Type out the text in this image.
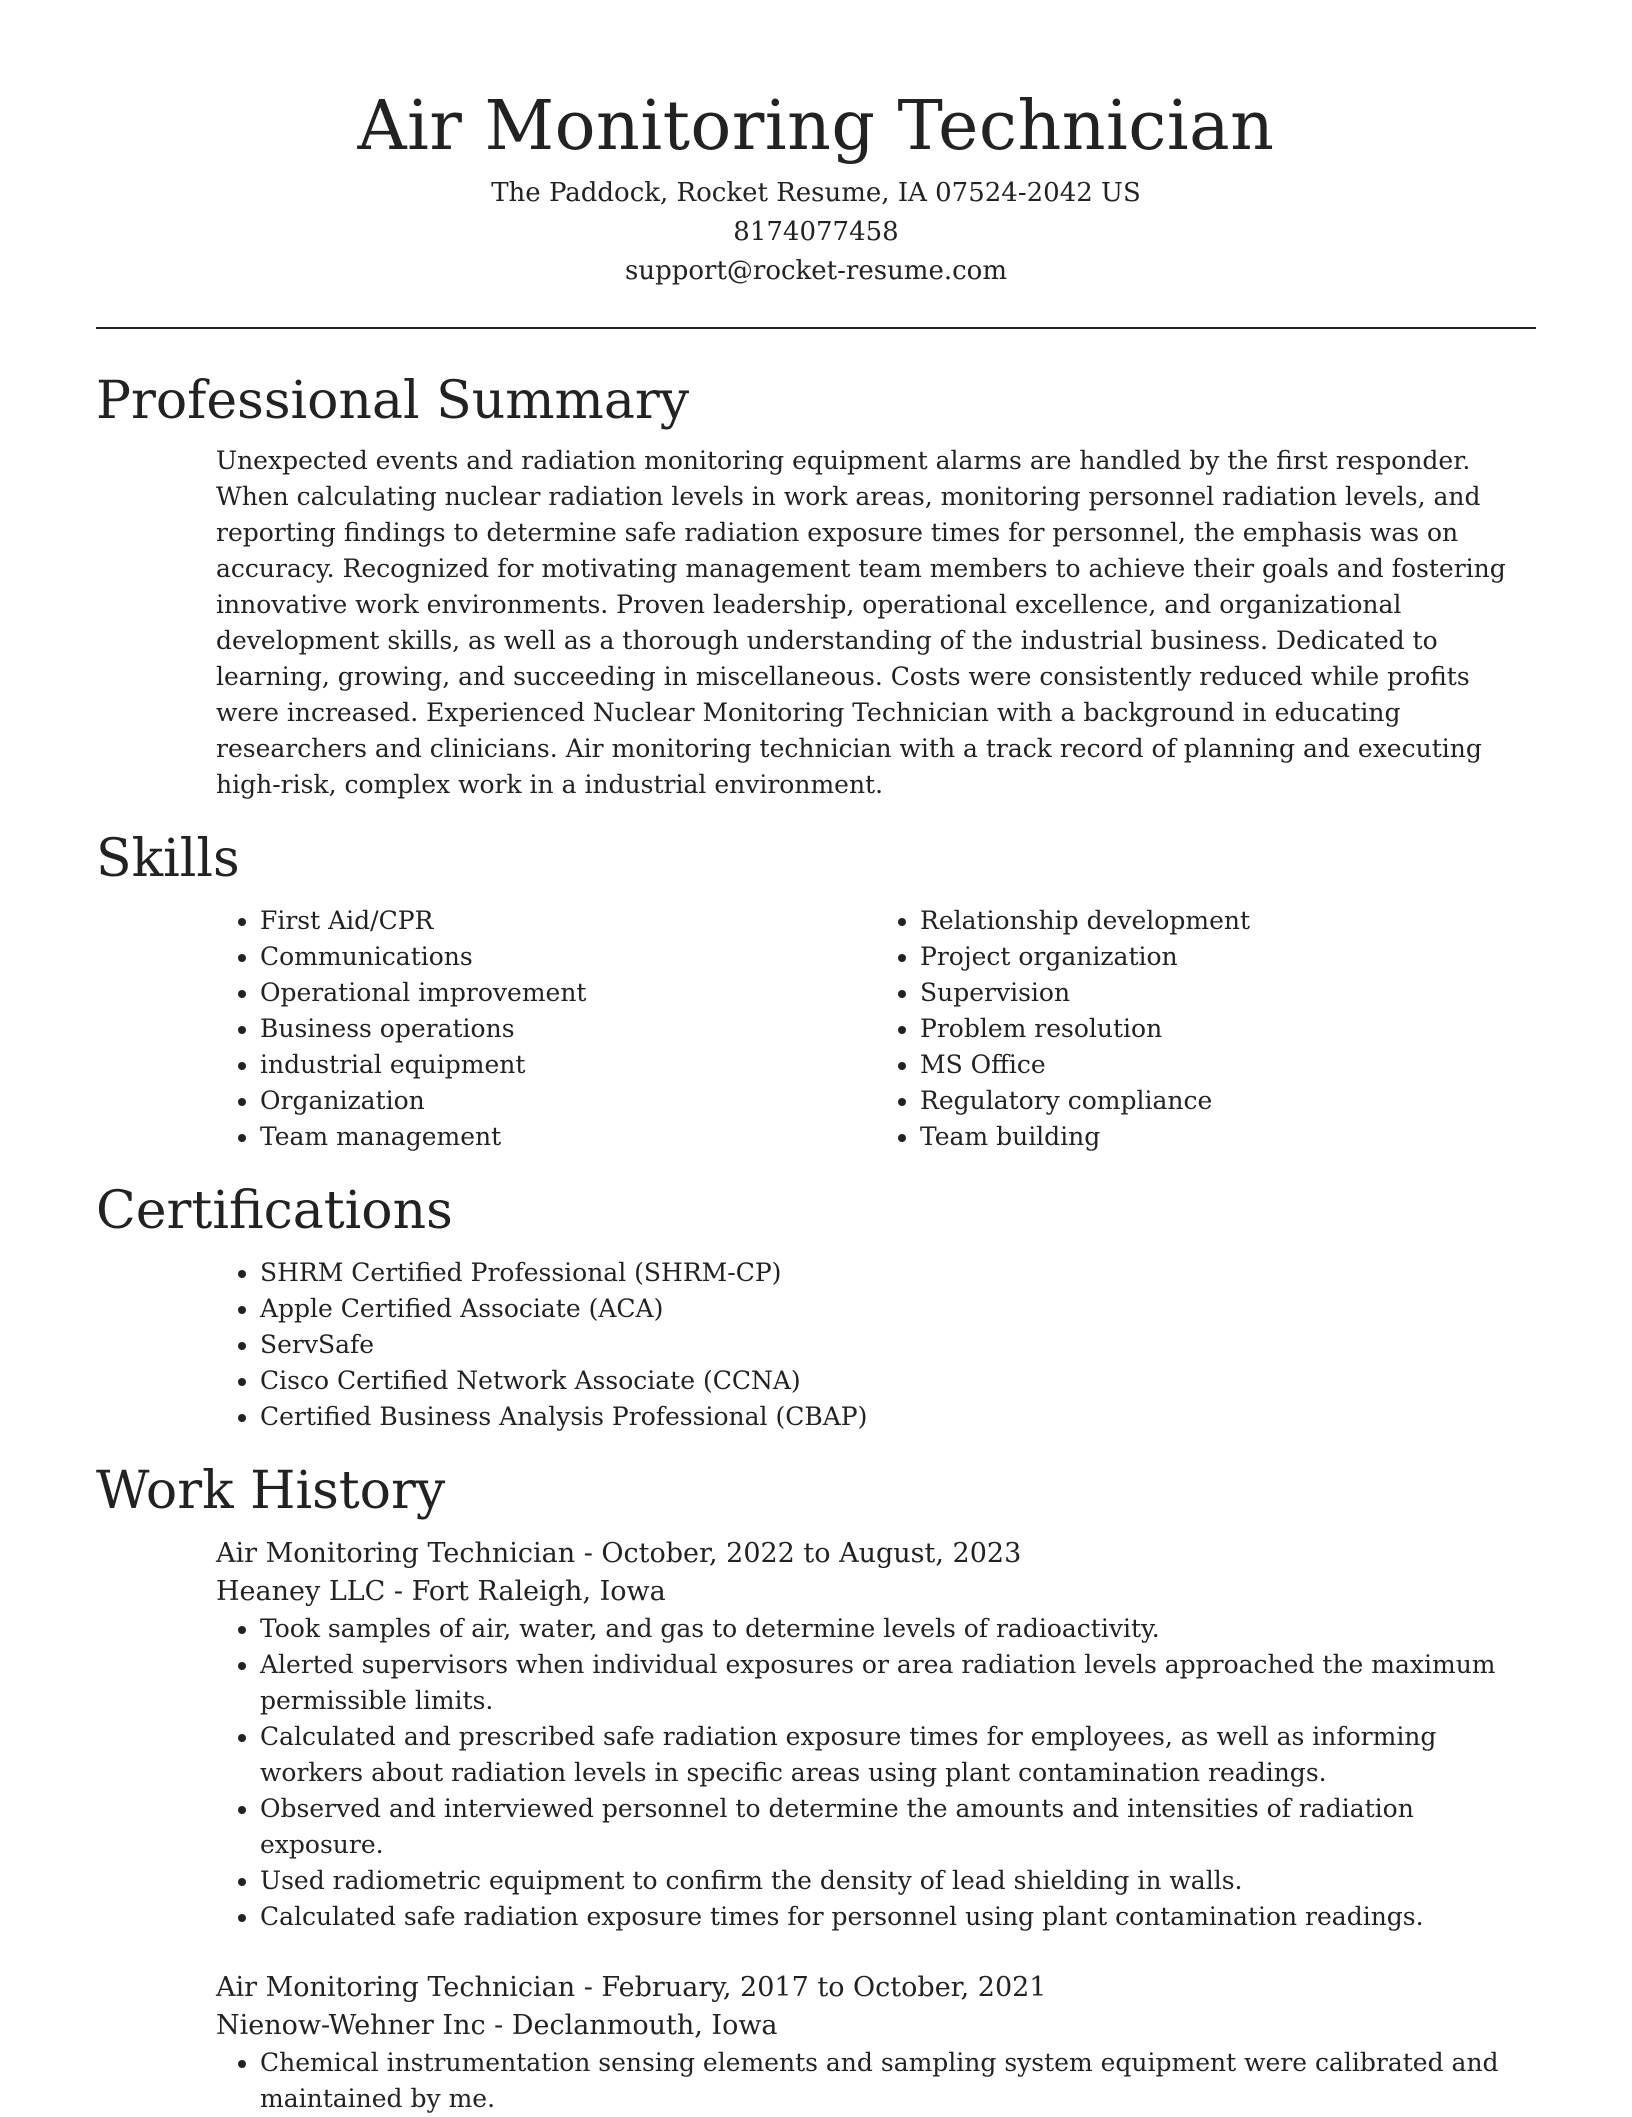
Air Monitoring Technician

The Paddock, Rocket Resume, IA 07524-2042 US

8174077458

support@rocket-resume.com

Professional Summary

Unexpected events and radiation monitoring equipment alarms are handled by the first responder. When calculating nuclear radiation levels in work areas, monitoring personnel radiation levels, and reporting findings to determine safe radiation exposure times for personnel, the emphasis was on accuracy. Recognized for motivating management team members to achieve their goals and fostering innovative work environments. Proven leadership, operational excellence, and organizational development skills, as well as a thorough understanding of the industrial business. Dedicated to learning, growing, and succeeding in miscellaneous. Costs were consistently reduced while profits were increased. Experienced Nuclear Monitoring Technician with a background in educating researchers and clinicians. Air monitoring technician with a track record of planning and executing high-risk, complex work in a industrial environment.

Skills
• First Aid/CPR
• Communications
• Operational improvement
• Business operations
• industrial equipment
• Organization
• Team management
• Relationship development
• Project organization
• Supervision
• Problem resolution
• MS Office
• Regulatory compliance
• Team building
Certifications
• SHRM Certified Professional (SHRM-CP)
• Apple Certified Associate (ACA)
• ServSafe
• Cisco Certified Network Associate (CCNA)
• Certified Business Analysis Professional (CBAP)
Work History

Air Monitoring Technician - October, 2022 to August, 2023

Heaney LLC - Fort Raleigh, Iowa

• Took samples of air, water, and gas to determine levels of radioactivity.
• Alerted supervisors when individual exposures or area radiation levels approached the maximum permissible limits.
• Calculated and prescribed safe radiation exposure times for employees, as well as informing workers about radiation levels in specific areas using plant contamination readings.
• Observed and interviewed personnel to determine the amounts and intensities of radiation exposure.
• Used radiometric equipment to confirm the density of lead shielding in walls.
• Calculated safe radiation exposure times for personnel using plant contamination readings.

Air Monitoring Technician - February, 2017 to October, 2021

Nienow-Wehner Inc - Declanmouth, Iowa

• Chemical instrumentation sensing elements and sampling system equipment were calibrated and maintained by me.
